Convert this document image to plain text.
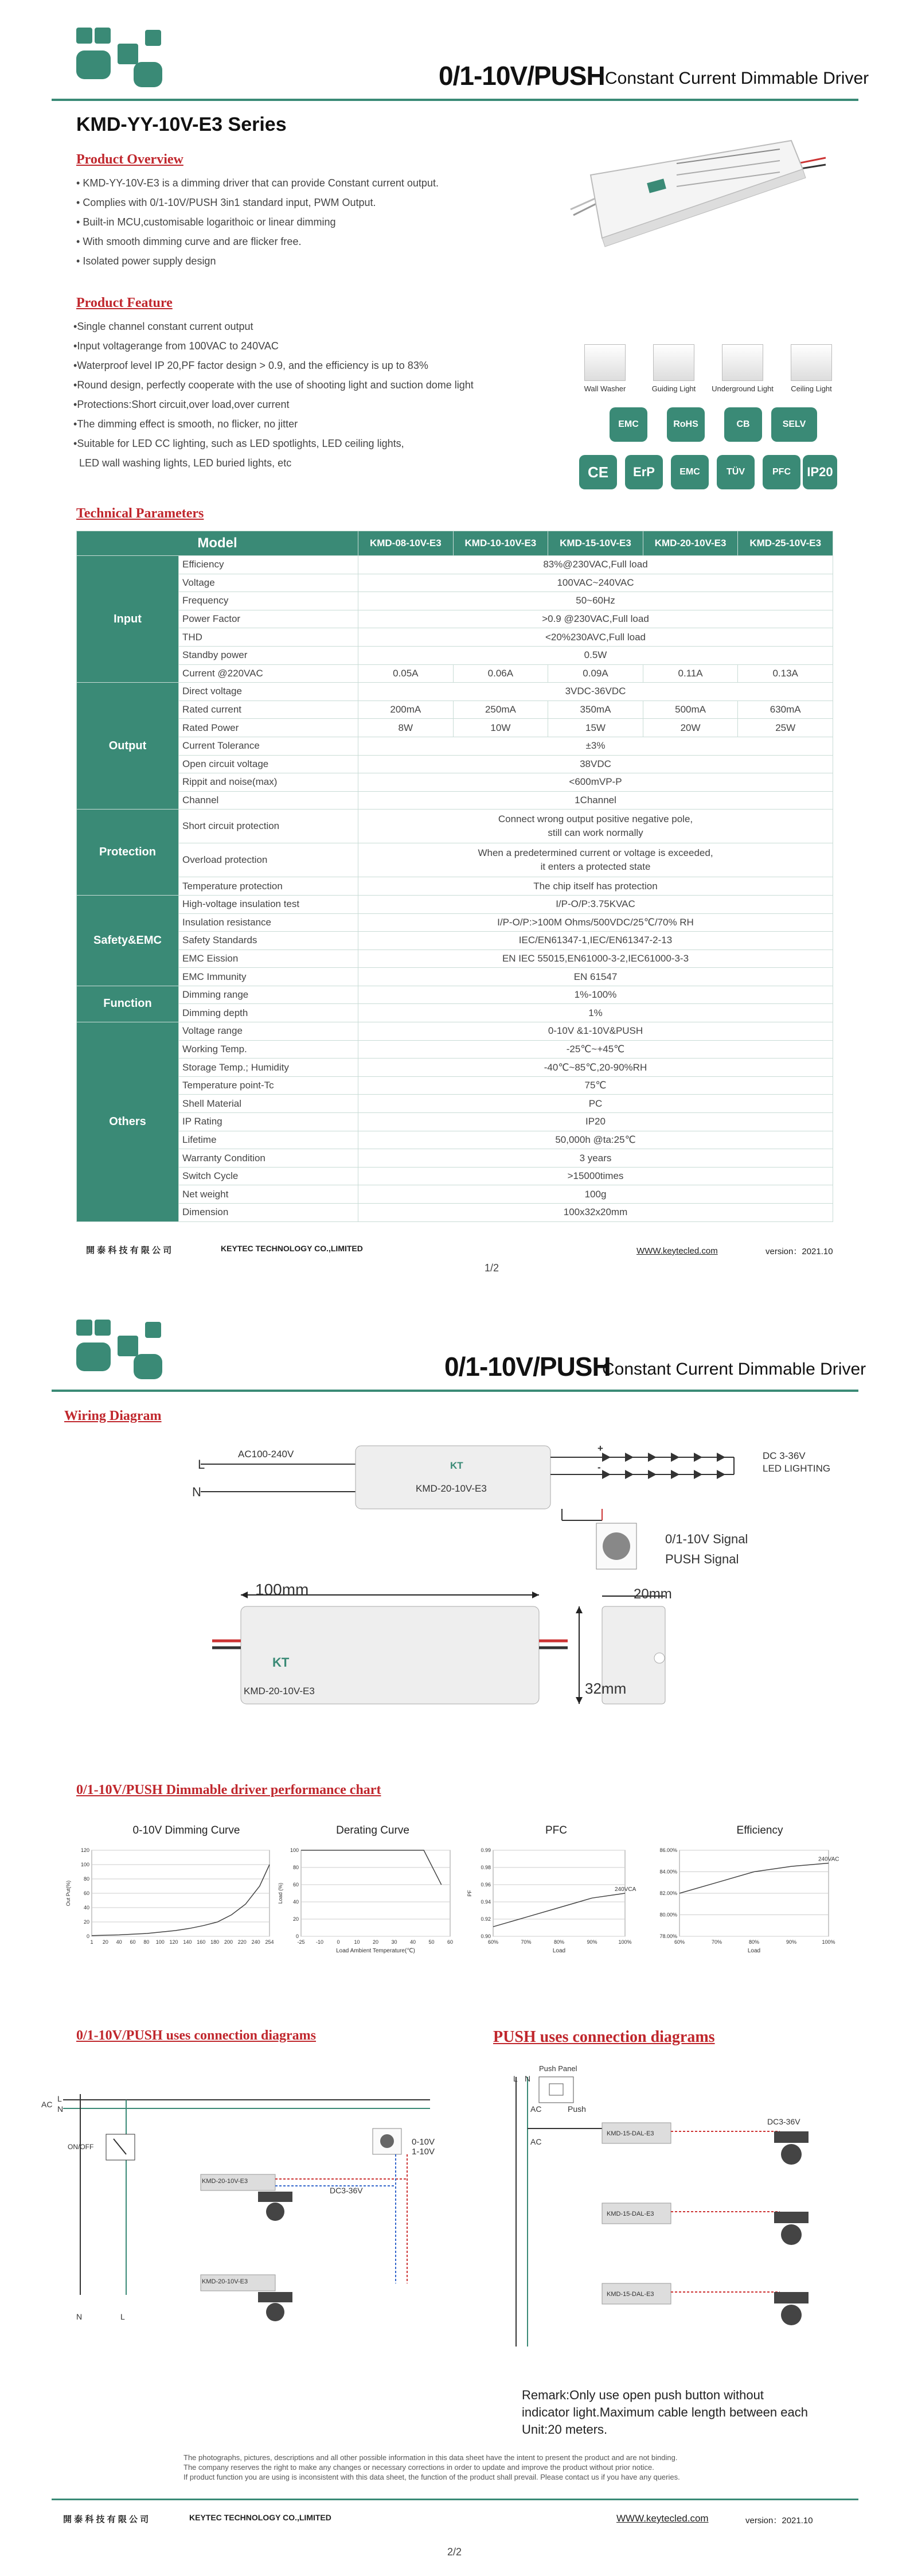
0/1-10V/PUSH Constant Current Dimmable Driver
KMD-YY-10V-E3 Series
Product Overview
• KMD-YY-10V-E3 is a dimming driver that can provide Constant current output.
• Complies with 0/1-10V/PUSH 3in1 standard input, PWM Output.
• Built-in MCU,customisable logarithoic or linear dimming
• With smooth dimming curve and are flicker free.
• Isolated power supply design
Product Feature
•Single channel constant current output
•Input voltagerange from 100VAC to 240VAC
•Waterproof level IP 20,PF factor design > 0.9, and the efficiency is up to 83%
•Round design, perfectly cooperate with the use of shooting light and suction dome light
•Protections:Short circuit,over load,over current
•The dimming effect is smooth, no flicker, no jitter
•Suitable for LED CC lighting, such as LED spotlights, LED ceiling lights,
LED wall washing lights, LED buried lights, etc
Wall Washer	Guiding Light	Underground Light	Ceiling Light
EMC	RoHS	CB	SELV
CE	ErP	EMC	TÜV	PFC	IP20
Technical Parameters
Model		KMD-08-10V-E3	KMD-10-10V-E3	KMD-15-10V-E3	KMD-20-10V-E3	KMD-25-10V-E3
Input	Efficiency	83%@230VAC,Full load				
	Voltage	100VAC~240VAC				
	Frequency	50~60Hz				
	Power Factor	>0.9 @230VAC,Full load				
	THD	<20%230AVC,Full load				
	Standby power	0.5W				
	Current @220VAC	0.05A	0.06A	0.09A	0.11A	0.13A
Output	Direct voltage	3VDC-36VDC				
	Rated current	200mA	250mA	350mA	500mA	630mA
	Rated Power	8W	10W	15W	20W	25W
	Current Tolerance	±3%				
	Open circuit voltage	38VDC				
	Rippit and noise(max)	<600mVP-P				
	Channel	1Channel				
Protection	Short circuit protection	Connect wrong output positive negative pole,
still can work normally				
	Overload protection	When a predetermined current or voltage is exceeded,
it enters a protected state				
	Temperature protection	The chip itself has protection				
Safety&EMC	High-voltage insulation test	I/P-O/P:3.75KVAC				
	Insulation resistance	I/P-O/P:>100M Ohms/500VDC/25℃/70% RH				
	Safety Standards	IEC/EN61347-1,IEC/EN61347-2-13				
	EMC Eission	EN IEC 55015,EN61000-3-2,IEC61000-3-3				
	EMC Immunity	EN 61547				
Function	Dimming range	1%-100%				
	Dimming depth	1%				
Others	Voltage range	0-10V &1-10V&PUSH				
	Working Temp.	-25℃~+45℃				
	Storage Temp.; Humidity	-40℃~85℃,20-90%RH				
	Temperature point-Tc	75℃				
	Shell Material	PC				
	IP Rating	IP20				
	Lifetime	50,000h @ta:25℃				
	Warranty Condition	3 years				
	Switch Cycle	>15000times				
	Net weight	100g				
	Dimension	100x32x20mm				
開 泰 科 技 有 限 公 司	KEYTEC TECHNOLOGY CO.,LIMITED	WWW.keytecled.com	version：2021.10
1/2
0/1-10V/PUSH
Constant Current Dimmable Driver
Wiring Diagram
AC100-240V
L
N
KT
KMD-20-10V-E3
+
-
DC 3-36V
LED LIGHTING
0/1-10V Signal
PUSH Signal
100mm
32mm
20mm
KT
KMD-20-10V-E3
0/1-10V/PUSH Dimmable driver performance chart
0-10V Dimming Curve	Derating Curve	PFC	Efficiency
0
20
40
60
80
100
120
1 20 40 60 80 100 120 140 160 180 200 220 240 254
Out Put(%)
0
20
40
60
80
100
-25 -10	0	10 20 30 40 50 60
Load (%)
Load Ambient Temperature(℃)
0.90
0.92
0.94
0.96
0.98
0.99
60%	70%	80%	90%	100%
PF
Load
240VCA
78.00%
80.00%
82.00%
84.00%
86.00%
60%	70%	80%	90%	100%
Load
240VAC
0/1-10V/PUSH uses connection diagrams	PUSH uses connection diagrams
AC
L
N
ON/OFF	0-10V
1-10V
DC3-36V
KMD-20-10V-E3
KMD-20-10V-E3
N	L
Push Panel
AC	Push
AC
L N
DC3-36V
KMD-15-DAL-E3
KMD-15-DAL-E3
KMD-15-DAL-E3
Remark:Only use open push button without indicator light.Maximum cable length between each Unit:20 meters.
The photographs, pictures, descriptions and all other possible information in this data sheet have the intent to present the product and are not binding.
The company reserves the right to make any changes or necessary corrections in order to update and improve the product without prior notice.
If product function you are using is inconsistent with this data sheet, the function of the product shall prevail. Please contact us if you have any queries.
開 泰 科 技 有 限 公 司	KEYTEC TECHNOLOGY CO.,LIMITED	WWW.keytecled.com	version：2021.10
2/2
